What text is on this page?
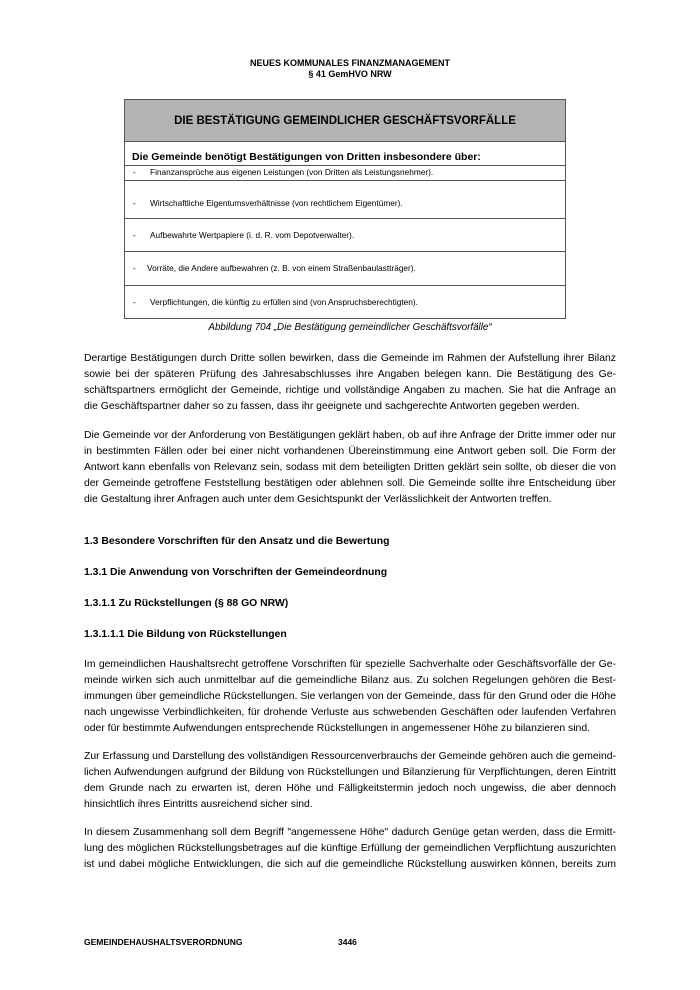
NEUES KOMMUNALES FINANZMANAGEMENT
§ 41 GemHVO NRW
DIE BESTÄTIGUNG GEMEINDLICHER GESCHÄFTSVORFÄLLE
Die Gemeinde benötigt Bestätigungen von Dritten insbesondere über:
- Finanzansprüche aus eigenen Leistungen (von Dritten als Leistungsnehmer).
- Wirtschaftliche Eigentumsverhältnisse (von rechtlichem Eigentümer).
- Aufbewahrte Wertpapiere (i. d. R. vom Depotverwalter).
- Vorräte, die Andere aufbewahren (z. B. von einem Straßenbaulastträger).
- Verpflichtungen, die künftig zu erfüllen sind (von Anspruchsberechtigten).
Abbildung 704 „Die Bestätigung gemeindlicher Geschäftsvorfälle“
Derartige Bestätigungen durch Dritte sollen bewirken, dass die Gemeinde im Rahmen der Aufstellung ihrer Bilanz
sowie bei der späteren Prüfung des Jahresabschlusses ihre Angaben belegen kann. Die Bestätigung des Ge-
schäftspartners ermöglicht der Gemeinde, richtige und vollständige Angaben zu machen. Sie hat die Anfrage an
die Geschäftspartner daher so zu fassen, dass ihr geeignete und sachgerechte Antworten gegeben werden.
Die Gemeinde vor der Anforderung von Bestätigungen geklärt haben, ob auf ihre Anfrage der Dritte immer oder nur
in bestimmten Fällen oder bei einer nicht vorhandenen Übereinstimmung eine Antwort geben soll. Die Form der
Antwort kann ebenfalls von Relevanz sein, sodass mit dem beteiligten Dritten geklärt sein sollte, ob dieser die von
der Gemeinde getroffene Feststellung bestätigen oder ablehnen soll. Die Gemeinde sollte ihre Entscheidung über
die Gestaltung ihrer Anfragen auch unter dem Gesichtspunkt der Verlässlichkeit der Antworten treffen.
1.3 Besondere Vorschriften für den Ansatz und die Bewertung
1.3.1 Die Anwendung von Vorschriften der Gemeindeordnung
1.3.1.1 Zu Rückstellungen (§ 88 GO NRW)
1.3.1.1.1 Die Bildung von Rückstellungen
Im gemeindlichen Haushaltsrecht getroffene Vorschriften für spezielle Sachverhalte oder Geschäftsvorfälle der Ge-
meinde wirken sich auch unmittelbar auf die gemeindliche Bilanz aus. Zu solchen Regelungen gehören die Best-
immungen über gemeindliche Rückstellungen. Sie verlangen von der Gemeinde, dass für den Grund oder die Höhe
nach ungewisse Verbindlichkeiten, für drohende Verluste aus schwebenden Geschäften oder laufenden Verfahren
oder für bestimmte Aufwendungen entsprechende Rückstellungen in angemessener Höhe zu bilanzieren sind.
Zur Erfassung und Darstellung des vollständigen Ressourcenverbrauchs der Gemeinde gehören auch die gemeind-
lichen Aufwendungen aufgrund der Bildung von Rückstellungen und Bilanzierung für Verpflichtungen, deren Eintritt
dem Grunde nach zu erwarten ist, deren Höhe und Fälligkeitstermin jedoch noch ungewiss, die aber dennoch
hinsichtlich ihres Eintritts ausreichend sicher sind.
In diesem Zusammenhang soll dem Begriff "angemessene Höhe" dadurch Genüge getan werden, dass die Ermitt-
lung des möglichen Rückstellungsbetrages auf die künftige Erfüllung der gemeindlichen Verpflichtung auszurichten
ist und dabei mögliche Entwicklungen, die sich auf die gemeindliche Rückstellung auswirken können, bereits zum
GEMEINDEHAUSHALTSVERORDNUNG	3446
